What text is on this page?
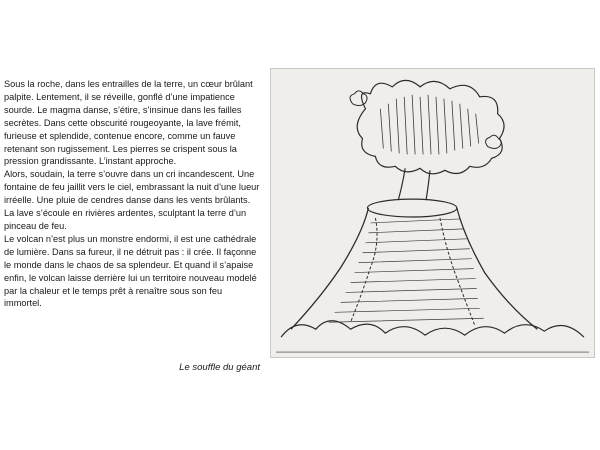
Sous la roche, dans les entrailles de la terre, un cœur brûlant palpite. Lentement, il se réveille, gonflé d’une impatience sourde. Le magma danse, s’étire, s’insinue dans les failles secrètes. Dans cette obscurité rougeoyante, la lave frémit, furieuse et splendide, contenue encore, comme un fauve retenant son rugissement. Les pierres se crispent sous la pression grandissante. L’instant approche.

Alors, soudain, la terre s’ouvre dans un cri incandescent. Une fontaine de feu jaillit vers le ciel, embrassant la nuit d’une lueur irréelle. Une pluie de cendres danse dans les vents brûlants. La lave s’écoule en rivières ardentes, sculptant la terre d’un pinceau de feu.

Le volcan n’est plus un monstre endormi, il est une cathédrale de lumière. Dans sa fureur, il ne détruit pas : il crée. Il façonne le monde dans le chaos de sa splendeur. Et quand il s’apaise enfin, le volcan laisse derrière lui un territoire nouveau modelé par la chaleur et le temps prêt à renaître sous son feu immortel.

Le souffle du géant
